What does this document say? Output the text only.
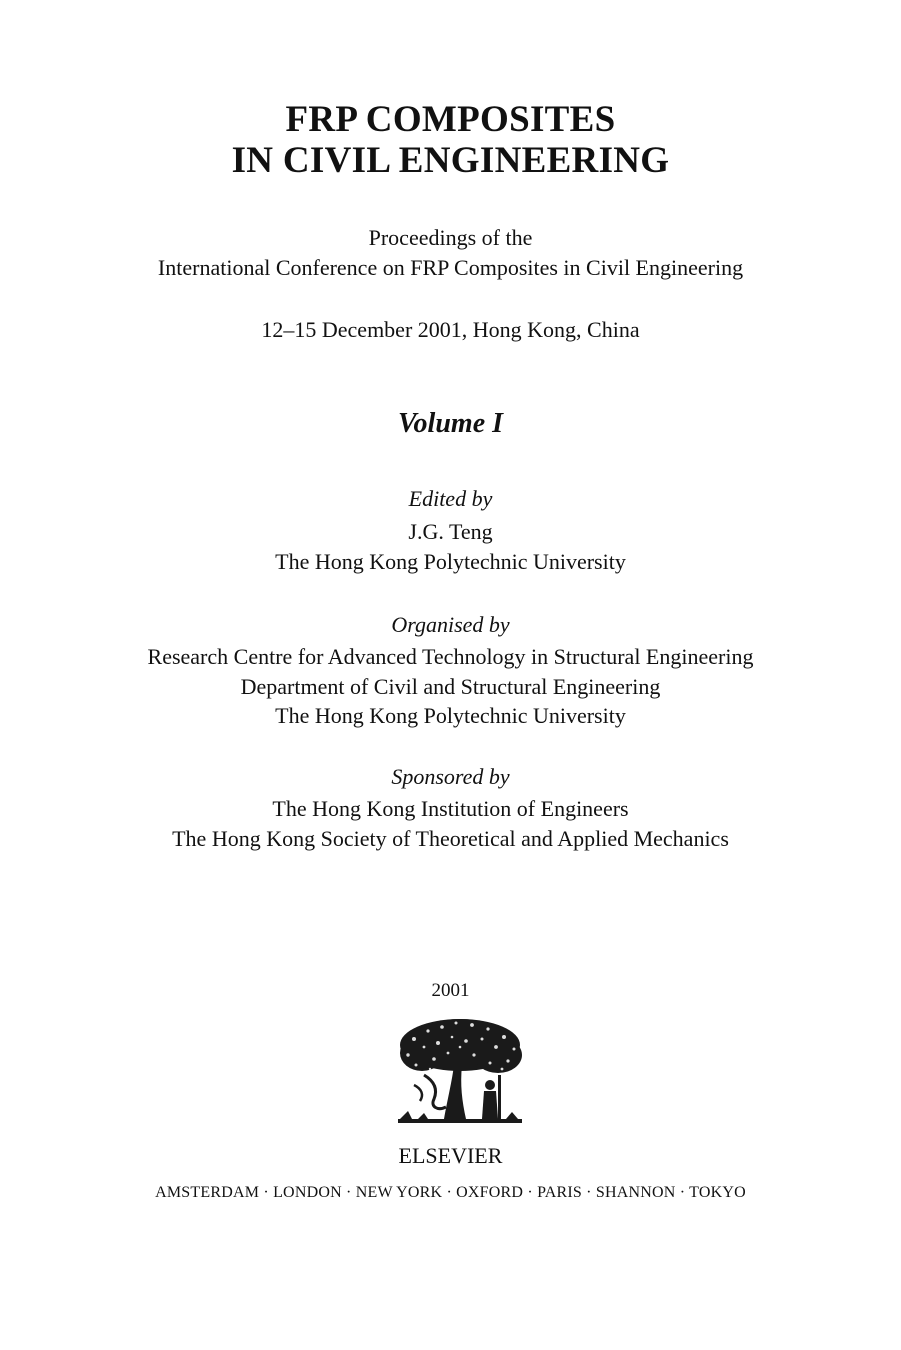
FRP COMPOSITES
IN CIVIL ENGINEERING
Proceedings of the
International Conference on FRP Composites in Civil Engineering
12–15 December 2001, Hong Kong, China
Volume I
Edited by
J.G. Teng
The Hong Kong Polytechnic University
Organised by
Research Centre for Advanced Technology in Structural Engineering
Department of Civil and Structural Engineering
The Hong Kong Polytechnic University
Sponsored by
The Hong Kong Institution of Engineers
The Hong Kong Society of Theoretical and Applied Mechanics
2001
ELSEVIER
AMSTERDAM · LONDON · NEW YORK · OXFORD · PARIS · SHANNON · TOKYO
